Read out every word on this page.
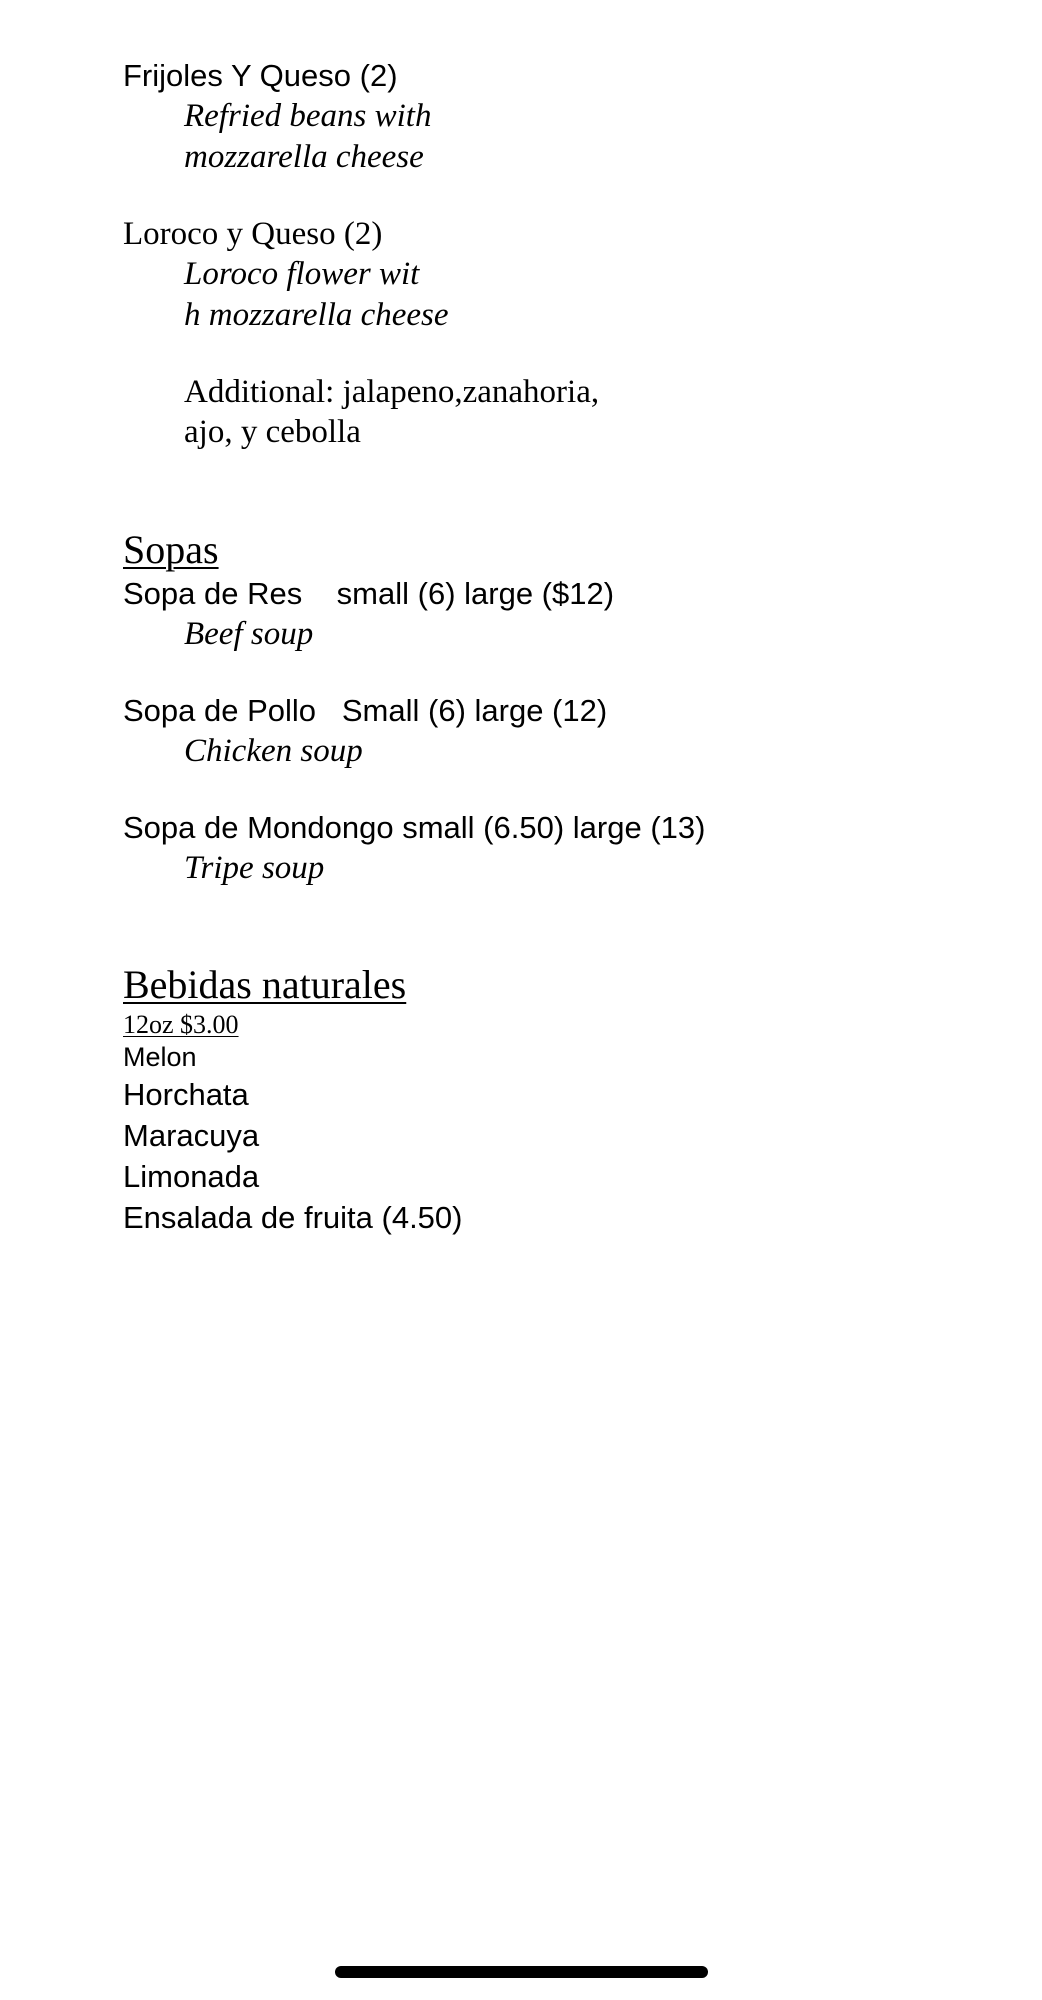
Frijoles Y Queso (2)
Refried beans with
mozzarella cheese
Loroco y Queso (2)
Loroco flower wit
h mozzarella cheese
Additional: jalapeno,zanahoria,
ajo, y cebolla
Sopas
Sopa de Res    small (6) large ($12)
Beef soup
Sopa de Pollo   Small (6) large (12)
Chicken soup
Sopa de Mondongo small (6.50) large (13)
Tripe soup
Bebidas naturales
12oz $3.00
Melon
Horchata
Maracuya
Limonada
Ensalada de fruita (4.50)
